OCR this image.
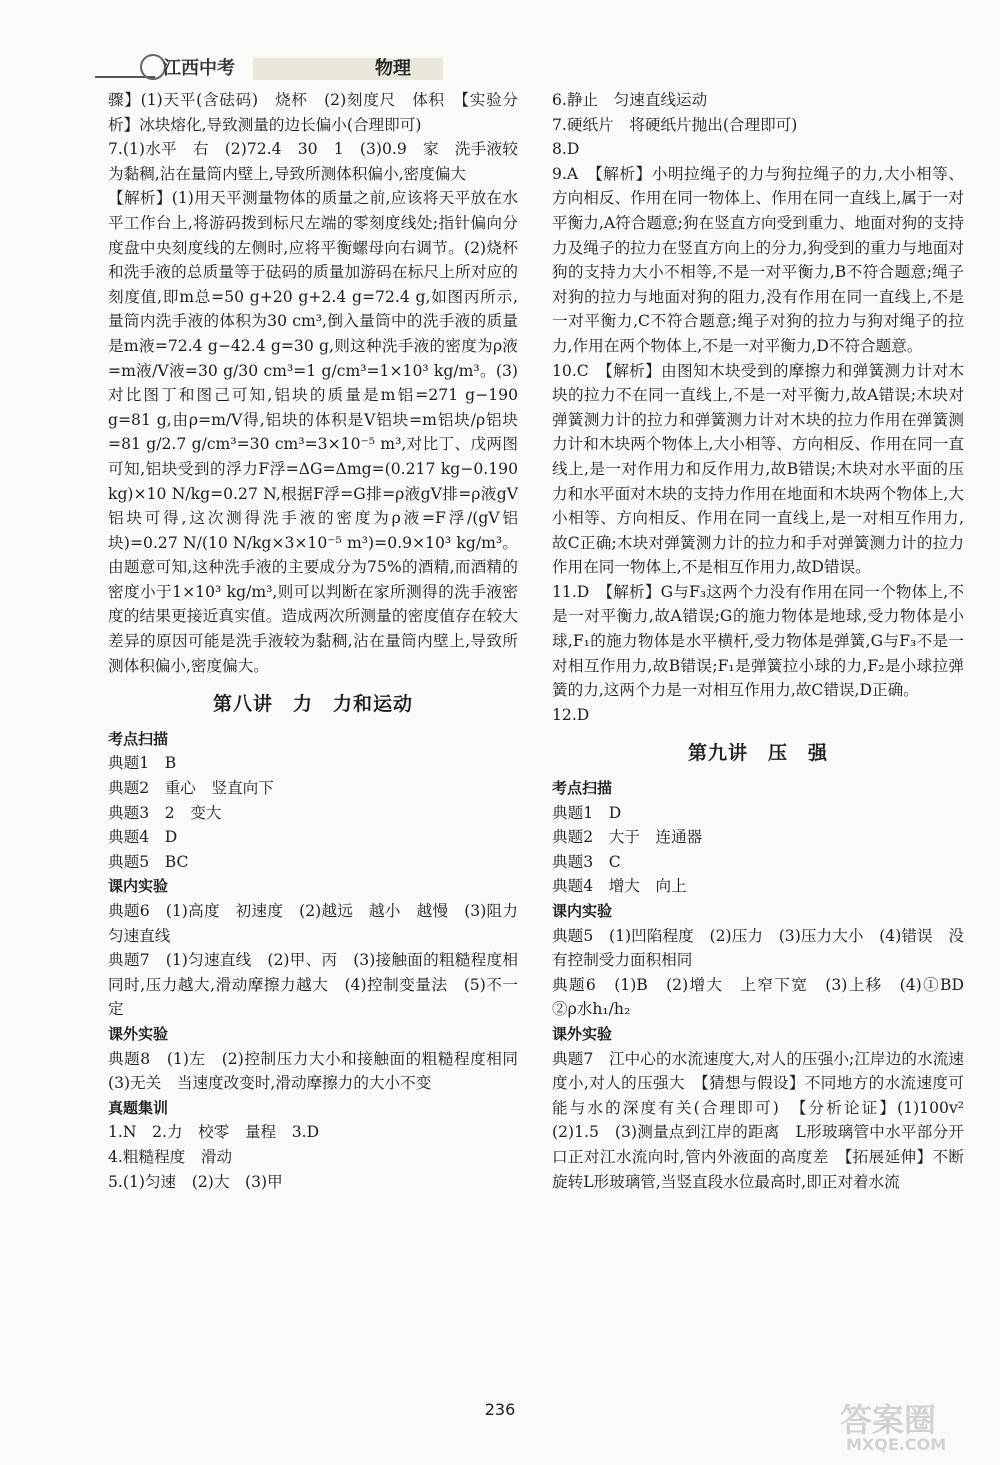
江西中考	物理

骤】(1)天平(含砝码)　烧杯　(2)刻度尺　体积　【实验分析】冰块熔化,导致测量的边长偏小(合理即可)

7.(1)水平　右　(2)72.4　30　1　(3)0.9　家　洗手液较为黏稠,沾在量筒内壁上,导致所测体积偏小,密度偏大

【解析】(1)用天平测量物体的质量之前,应该将天平放在水平工作台上,将游码拨到标尺左端的零刻度线处;指针偏向分度盘中央刻度线的左侧时,应将平衡螺母向右调节。(2)烧杯和洗手液的总质量等于砝码的质量加游码在标尺上所对应的刻度值,即m总=50 g+20 g+2.4 g=72.4 g,如图丙所示,量筒内洗手液的体积为30 cm³,倒入量筒中的洗手液的质量是m液=72.4 g−42.4 g=30 g,则这种洗手液的密度为ρ液=m液/V液=30 g/30 cm³=1 g/cm³=1×10³ kg/m³。(3)对比图丁和图己可知,铝块的质量是m铝=271 g−190 g=81 g,由ρ=m/V得,铝块的体积是V铝块=m铝块/ρ铝块=81 g/2.7 g/cm³=30 cm³=3×10⁻⁵ m³,对比丁、戊两图可知,铝块受到的浮力F浮=ΔG=Δmg=(0.217 kg−0.190 kg)×10 N/kg=0.27 N,根据F浮=G排=ρ液gV排=ρ液gV铝块可得,这次测得洗手液的密度为ρ液=F浮/(gV铝块)=0.27 N/(10 N/kg×3×10⁻⁵ m³)=0.9×10³ kg/m³。由题意可知,这种洗手液的主要成分为75%的酒精,而酒精的密度小于1×10³ kg/m³,则可以判断在家所测得的洗手液密度的结果更接近真实值。造成两次所测量的密度值存在较大差异的原因可能是洗手液较为黏稠,沾在量筒内壁上,导致所测体积偏小,密度偏大。

第八讲　力　力和运动

考点扫描

典题1　B

典题2　重心　竖直向下

典题3　2　变大

典题4　D

典题5　BC

课内实验

典题6　(1)高度　初速度　(2)越远　越小　越慢　(3)阻力　匀速直线

典题7　(1)匀速直线　(2)甲、丙　(3)接触面的粗糙程度相同时,压力越大,滑动摩擦力越大　(4)控制变量法　(5)不一定

课外实验

典题8　(1)左　(2)控制压力大小和接触面的粗糙程度相同　(3)无关　当速度改变时,滑动摩擦力的大小不变

真题集训

1.N　2.力　校零　量程　3.D

4.粗糙程度　滑动

5.(1)匀速　(2)大　(3)甲

6.静止　匀速直线运动

7.硬纸片　将硬纸片抛出(合理即可)

8.D

9.A　【解析】小明拉绳子的力与狗拉绳子的力,大小相等、方向相反、作用在同一物体上、作用在同一直线上,属于一对平衡力,A符合题意;狗在竖直方向受到重力、地面对狗的支持力及绳子的拉力在竖直方向上的分力,狗受到的重力与地面对狗的支持力大小不相等,不是一对平衡力,B不符合题意;绳子对狗的拉力与地面对狗的阻力,没有作用在同一直线上,不是一对平衡力,C不符合题意;绳子对狗的拉力与狗对绳子的拉力,作用在两个物体上,不是一对平衡力,D不符合题意。

10.C　【解析】由图知木块受到的摩擦力和弹簧测力计对木块的拉力不在同一直线上,不是一对平衡力,故A错误;木块对弹簧测力计的拉力和弹簧测力计对木块的拉力作用在弹簧测力计和木块两个物体上,大小相等、方向相反、作用在同一直线上,是一对作用力和反作用力,故B错误;木块对水平面的压力和水平面对木块的支持力作用在地面和木块两个物体上,大小相等、方向相反、作用在同一直线上,是一对相互作用力,故C正确;木块对弹簧测力计的拉力和手对弹簧测力计的拉力作用在同一物体上,不是相互作用力,故D错误。

11.D　【解析】G与F₃这两个力没有作用在同一个物体上,不是一对平衡力,故A错误;G的施力物体是地球,受力物体是小球,F₁的施力物体是水平横杆,受力物体是弹簧,G与F₃不是一对相互作用力,故B错误;F₁是弹簧拉小球的力,F₂是小球拉弹簧的力,这两个力是一对相互作用力,故C错误,D正确。

12.D

第九讲　压　强

考点扫描

典题1　D

典题2　大于　连通器

典题3　C

典题4　增大　向上

课内实验

典题5　(1)凹陷程度　(2)压力　(3)压力大小　(4)错误　没有控制受力面积相同

典题6　(1)B　(2)增大　上窄下宽　(3)上移　(4)①BD　②ρ水h₁/h₂

课外实验

典题7　江中心的水流速度大,对人的压强小;江岸边的水流速度小,对人的压强大　【猜想与假设】不同地方的水流速度可能与水的深度有关(合理即可)　【分析论证】(1)100v²　(2)1.5　(3)测量点到江岸的距离　L形玻璃管中水平部分开口正对江水流向时,管内外液面的高度差　【拓展延伸】不断旋转L形玻璃管,当竖直段水位最高时,即正对着水流

236	答案圈
MXQE.COM
